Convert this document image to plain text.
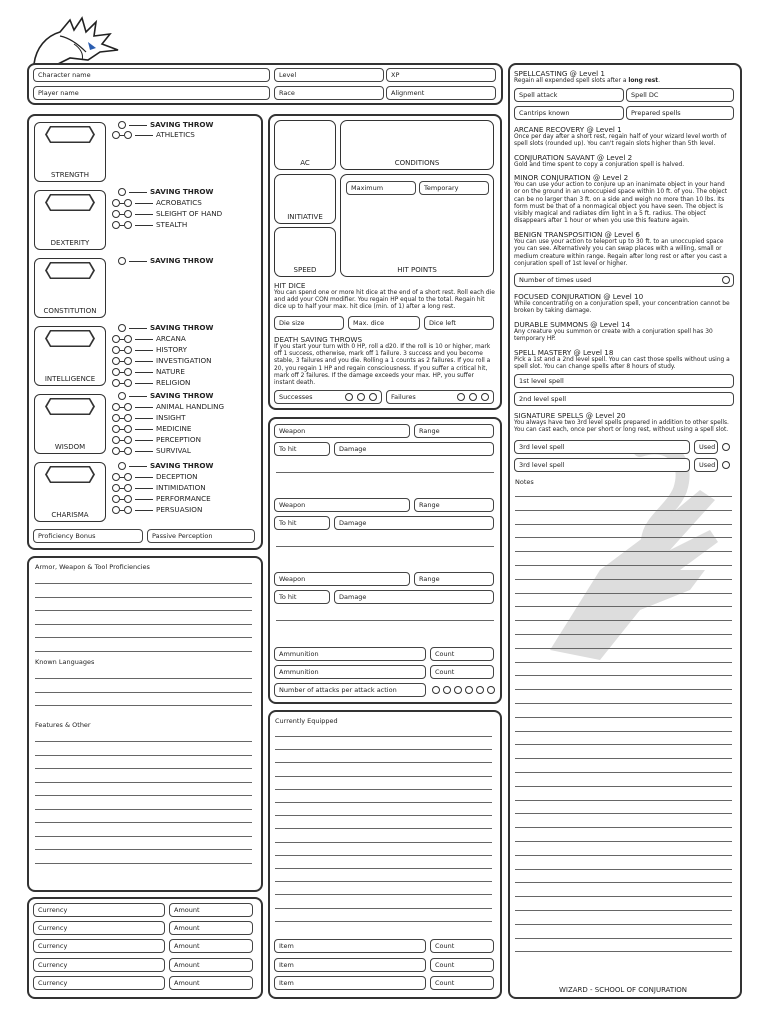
Character name
Player name
Level	XP
Race	Alignment
STRENGTH
SAVING THROW
ATHLETICS
DEXTERITY
SAVING THROW
ACROBATICS
SLEIGHT OF HAND
STEALTH
CONSTITUTION
SAVING THROW
INTELLIGENCE
SAVING THROW
ARCANA
HISTORY
INVESTIGATION
NATURE
RELIGION
WISDOM
SAVING THROW
ANIMAL HANDLING
INSIGHT
MEDICINE
PERCEPTION
SURVIVAL
CHARISMA
SAVING THROW
DECEPTION
INTIMIDATION
PERFORMANCE
PERSUASION
Proficiency Bonus	Passive Perception
Armor, Weapon & Tool Proficiencies
Known Languages
Features & Other
Currency	Amount
Currency	Amount
Currency	Amount
Currency	Amount
Currency	Amount
AC	CONDITIONS
INITIATIVE
HIT POINTS
Maximum	Temporary
SPEED
HIT DICE
You can spend one or more hit dice at the end of a short rest. Roll each die and add your CON modifier. You regain HP equal to the total. Regain hit dice up to half your max. hit dice (min. of 1) after a long rest.
Die size	Max. dice	Dice left
DEATH SAVING THROWS
If you start your turn with 0 HP, roll a d20. If the roll is 10 or higher, mark off 1 success, otherwise, mark off 1 failure. 3 success and you become stable, 3 failures and you die. Rolling a 1 counts as 2 failures. If you roll a 20, you regain 1 HP and regain consciousness. If you suffer a critical hit, mark off 2 failures. If the damage exceeds your max. HP, you suffer instant death.
Successes	Failures
Weapon	Range
To hit	Damage
Weapon	Range
To hit	Damage
Weapon	Range
To hit	Damage
Ammunition	Count
Ammunition	Count
Number of attacks per attack action
Currently Equipped
Item	Count
Item	Count
Item	Count
SPELLCASTING @ Level 1
Regain all expended spell slots after a long rest.
Spell attack	Spell DC
Cantrips known	Prepared spells
ARCANE RECOVERY @ Level 1
Once per day after a short rest, regain half of your wizard level worth of spell slots (rounded up). You can't regain slots higher than 5th level.
CONJURATION SAVANT @ Level 2
Gold and time spent to copy a conjuration spell is halved.
MINOR CONJURATION @ Level 2
You can use your action to conjure up an inanimate object in your hand or on the ground in an unoccupied space within 10 ft. of you. The object can be no larger than 3 ft. on a side and weigh no more than 10 lbs. Its form must be that of a nonmagical object you have seen. The object is visibly magical and radiates dim light in a 5 ft. radius. The object disappears after 1 hour or when you use this feature again.
BENIGN TRANSPOSITION @ Level 6
You can use your action to teleport up to 30 ft. to an unoccupied space you can see. Alternatively you can swap places with a willing, small or medium creature within range. Regain after long rest or after you cast a conjuration spell of 1st level or higher.
Number of times used
FOCUSED CONJURATION @ Level 10
While concentrating on a conjuration spell, your concentration cannot be broken by taking damage.
DURABLE SUMMONS @ Level 14
Any creature you summon or create with a conjuration spell has 30 temporary HP.
SPELL MASTERY @ Level 18
Pick a 1st and a 2nd level spell. You can cast those spells without using a spell slot. You can change spells after 8 hours of study.
1st level spell
2nd level spell
SIGNATURE SPELLS @ Level 20
You always have two 3rd level spells prepared in addition to other spells. You can cast each, once per short or long rest, without using a spell slot.
3rd level spell	Used
3rd level spell	Used
Notes
WIZARD - SCHOOL OF CONJURATION
